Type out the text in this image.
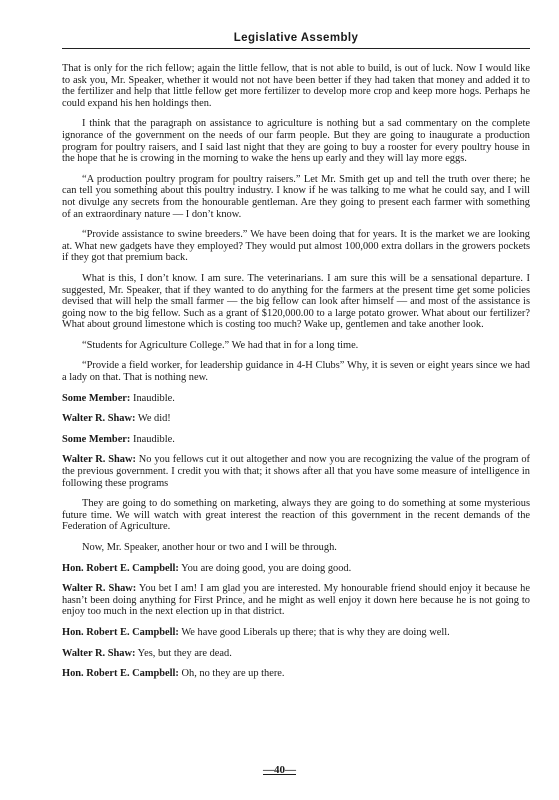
Legislative Assembly

That is only for the rich fellow; again the little fellow, that is not able to build, is out of luck. Now I would like to ask you, Mr. Speaker, whether it would not not have been better if they had taken that money and added it to the fertilizer and help that little fellow get more fertilizer to develop more crop and keep more hogs. Perhaps he could expand his hen holdings then.

I think that the paragraph on assistance to agriculture is nothing but a sad commentary on the complete ignorance of the government on the needs of our farm people. But they are going to inaugurate a production program for poultry raisers, and I said last night that they are going to buy a rooster for every poultry house in the hope that he is crowing in the morning to wake the hens up early and they will lay more eggs.

“A production poultry program for poultry raisers.” Let Mr. Smith get up and tell the truth over there; he can tell you something about this poultry industry. I know if he was talking to me what he could say, and I will not divulge any secrets from the honourable gentleman. Are they going to present each farmer with something of an extraordinary nature — I don’t know.

“Provide assistance to swine breeders.” We have been doing that for years. It is the market we are looking at. What new gadgets have they employed? They would put almost 100,000 extra dollars in the growers pockets if they got that premium back.

What is this, I don’t know. I am sure. The veterinarians. I am sure this will be a sensational departure. I suggested, Mr. Speaker, that if they wanted to do anything for the farmers at the present time get some policies devised that will help the small farmer — the big fellow can look after himself — and most of the assistance is going now to the big fellow. Such as a grant of $120,000.00 to a large potato grower. What about our fertilizer? What about ground limestone which is costing too much? Wake up, gentlemen and take another look.

“Students for Agriculture College.” We had that in for a long time.

“Provide a field worker, for leadership guidance in 4-H Clubs” Why, it is seven or eight years since we had a lady on that. That is nothing new.

Some Member: Inaudible.

Walter R. Shaw: We did!

Some Member: Inaudible.

Walter R. Shaw: No you fellows cut it out altogether and now you are recognizing the value of the program of the previous government. I credit you with that; it shows after all that you have some measure of intelligence in following these programs

They are going to do something on marketing, always they are going to do something at some mysterious future time. We will watch with great interest the reaction of this government in the recent demands of the Federation of Agriculture.

Now, Mr. Speaker, another hour or two and I will be through.

Hon. Robert E. Campbell: You are doing good, you are doing good.

Walter R. Shaw: You bet I am! I am glad you are interested. My honourable friend should enjoy it because he hasn’t been doing anything for First Prince, and he might as well enjoy it down here because he is not going to enjoy too much in the next election up in that district.

Hon. Robert E. Campbell: We have good Liberals up there; that is why they are doing well.

Walter R. Shaw: Yes, but they are dead.

Hon. Robert E. Campbell: Oh, no they are up there.

—40—
